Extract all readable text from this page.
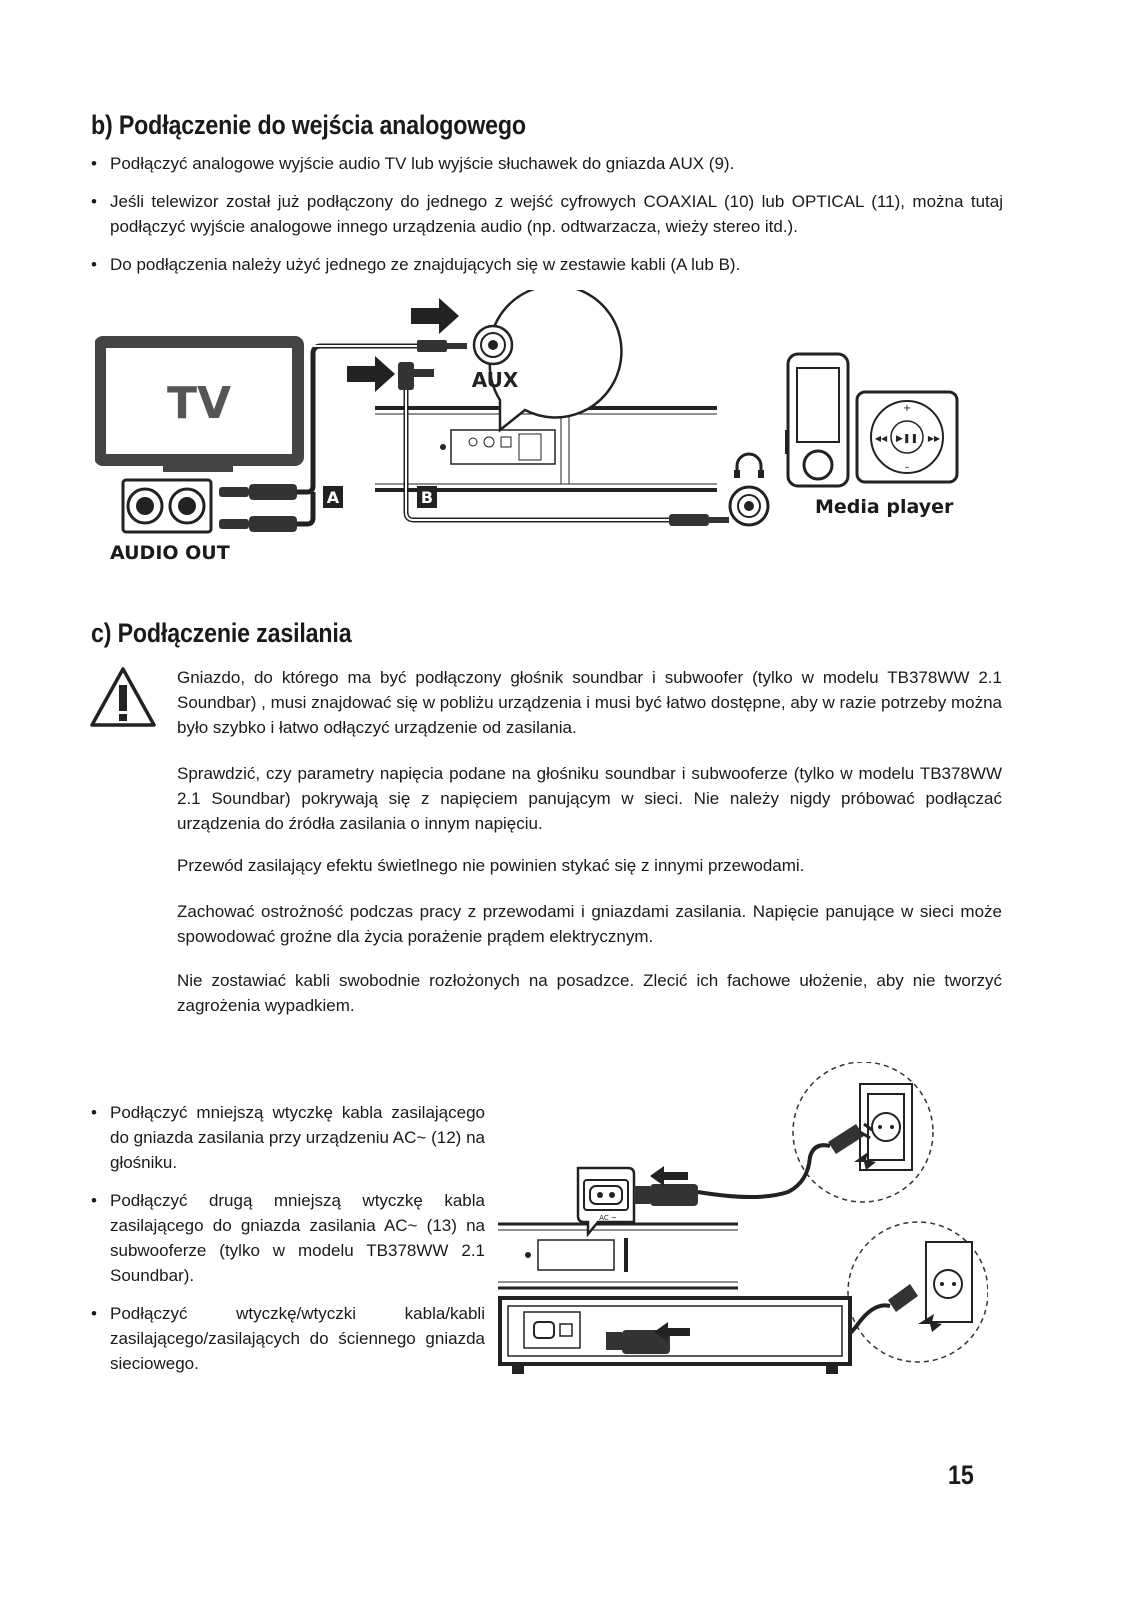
b) Podłączenie do wejścia analogowego
• Podłączyć analogowe wyjście audio TV lub wyjście słuchawek do gniazda AUX (9).
• Jeśli telewizor został już podłączony do jednego z wejść cyfrowych COAXIAL (10) lub OPTICAL (11), można tutaj podłączyć wyjście analogowe innego urządzenia audio (np. odtwarzacza, wieży stereo itd.).
• Do podłączenia należy użyć jednego ze znajdujących się w zestawie kabli (A lub B).
TV
A
AUX
B
▶❚❚
+
–
◀◀	▶▶
AUDIO OUT
Media player
c) Podłączenie zasilania

Gniazdo, do którego ma być podłączony głośnik soundbar i subwoofer (tylko w modelu TB378WW 2.1 Soundbar) , musi znajdować się w pobliżu urządzenia i musi być łatwo dostępne, aby w razie potrzeby można było szybko i łatwo odłączyć urządzenie od zasilania.

Sprawdzić, czy parametry napięcia podane na głośniku soundbar i subwooferze (tylko w modelu TB378WW 2.1 Soundbar) pokrywają się z napięciem panującym w sieci. Nie należy nigdy próbować podłączać urządzenia do źródła zasilania o innym napięciu.

Przewód zasilający efektu świetlnego nie powinien stykać się z innymi przewodami.

Zachować ostrożność podczas pracy z przewodami i gniazdami zasilania. Napięcie panujące w sieci może spowodować groźne dla życia porażenie prądem elektrycznym.

Nie zostawiać kabli swobodnie rozłożonych na posadzce. Zlecić ich fachowe ułożenie, aby nie tworzyć zagrożenia wypadkiem.

• Podłączyć mniejszą wtyczkę kabla zasilającego do gniazda zasilania przy urządzeniu AC~ (12) na głośniku.
• Podłączyć drugą mniejszą wtyczkę kabla zasilającego do gniazda zasilania AC~ (13) na subwooferze (tylko w modelu TB378WW 2.1 Soundbar).
• Podłączyć wtyczkę/wtyczki kabla/kabli zasilającego/zasilających do ściennego gniazda sieciowego.
AC ~
15
